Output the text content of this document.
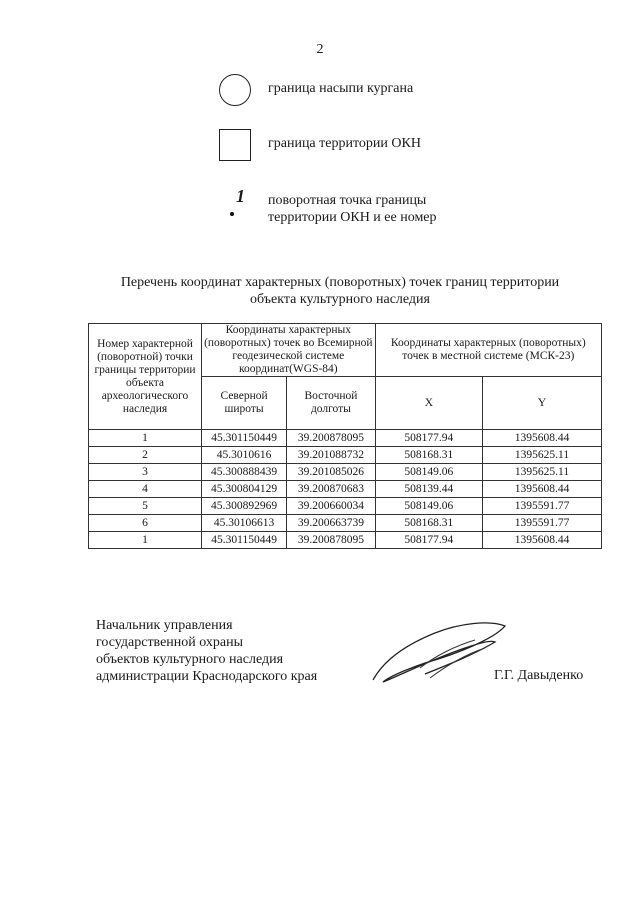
2
граница насыпи кургана
граница территории ОКН
1 поворотная точка границы
территории ОКН и ее номер
Перечень координат характерных (поворотных) точек границ территории
объекта культурного наследия
Номер характерной (поворотной) точки границы территории объекта археологического наследия	Координаты характерных (поворотных) точек во Всемирной геодезической системе координат(WGS-84)		Координаты характерных (поворотных) точек в местной системе (МСК-23)	
	Северной широты	Восточной долготы	X	Y
1	45.301150449	39.200878095	508177.94	1395608.44
2	45.3010616	39.201088732	508168.31	1395625.11
3	45.300888439	39.201085026	508149.06	1395625.11
4	45.300804129	39.200870683	508139.44	1395608.44
5	45.300892969	39.200660034	508149.06	1395591.77
6	45.30106613	39.200663739	508168.31	1395591.77
1	45.301150449	39.200878095	508177.94	1395608.44
Начальник управления
государственной охраны
объектов культурного наследия
администрации Краснодарского края	Г.Г. Давыденко
